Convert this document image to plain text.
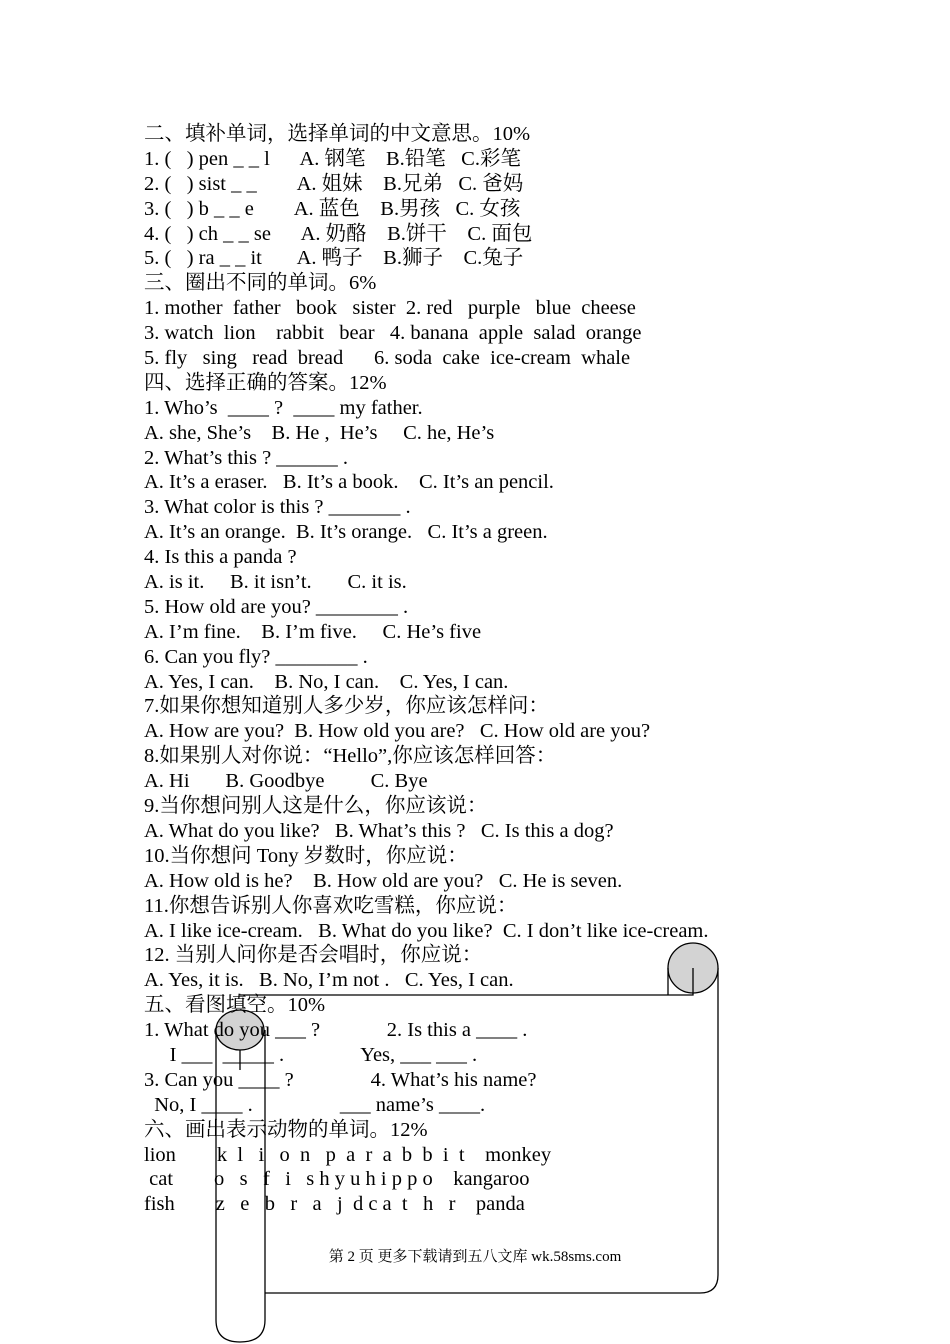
二、填补单词，选择单词的中文意思。10%
1. (   ) pen _ _ l      A. 钢笔    B.铅笔   C.彩笔
2. (   ) sist _ _        A. 姐妹    B.兄弟   C. 爸妈
3. (   ) b _ _ e        A. 蓝色    B.男孩   C. 女孩
4. (   ) ch _ _ se      A. 奶酪    B.饼干    C. 面包
5. (   ) ra _ _ it       A. 鸭子    B.狮子    C.兔子
三、圈出不同的单词。6%
1. mother  father   book   sister  2. red   purple   blue  cheese
3. watch  lion    rabbit   bear   4. banana  apple  salad  orange
5. fly   sing   read  bread      6. soda  cake  ice-cream  whale
四、选择正确的答案。12%
1. Who’s  ____ ?  ____ my father.
A. she, She’s    B. He ,  He’s     C. he, He’s
2. What’s this ? ______ .
A. It’s a eraser.   B. It’s a book.    C. It’s an pencil.
3. What color is this ? _______ .
A. It’s an orange.  B. It’s orange.   C. It’s a green.
4. Is this a panda ?
A. is it.     B. it isn’t.       C. it is.
5. How old are you? ________ .
A. I’m fine.    B. I’m five.     C. He’s five
6. Can you fly? ________ .
A. Yes, I can.    B. No, I can.    C. Yes, I can.
7.如果你想知道别人多少岁，你应该怎样问：
A. How are you?  B. How old you are?   C. How old are you?
8.如果别人对你说：“Hello”,你应该怎样回答：
A. Hi       B. Goodbye         C. Bye
9.当你想问别人这是什么，你应该说：
A. What do you like?   B. What’s this ?   C. Is this a dog?
10.当你想问 Tony 岁数时，你应说：
A. How old is he?    B. How old are you?   C. He is seven.
11.你想告诉别人你喜欢吃雪糕，你应说：
A. I like ice-cream.   B. What do you like?  C. I don’t like ice-cream.
12. 当别人问你是否会唱时，你应说：
A. Yes, it is.   B. No, I’m not .   C. Yes, I can.
五、看图填空。10%
1. What do you ___ ?             2. Is this a ____ .
I ___  _____ .               Yes, ___ ___ .
3. Can you ____ ?               4. What’s his name?
No, I ____ .                 ___ name’s ____.
六、画出表示动物的单词。12%
lion        k  l   i   o  n   p  a  r  a  b  b  i  t    monkey
cat        o   s   f   i   s h y u h i p p o    kangaroo
fish        z   e   b   r   a   j  d c a  t   h   r    panda
第 2 页 更多下载请到五八文库 wk.58sms.com
